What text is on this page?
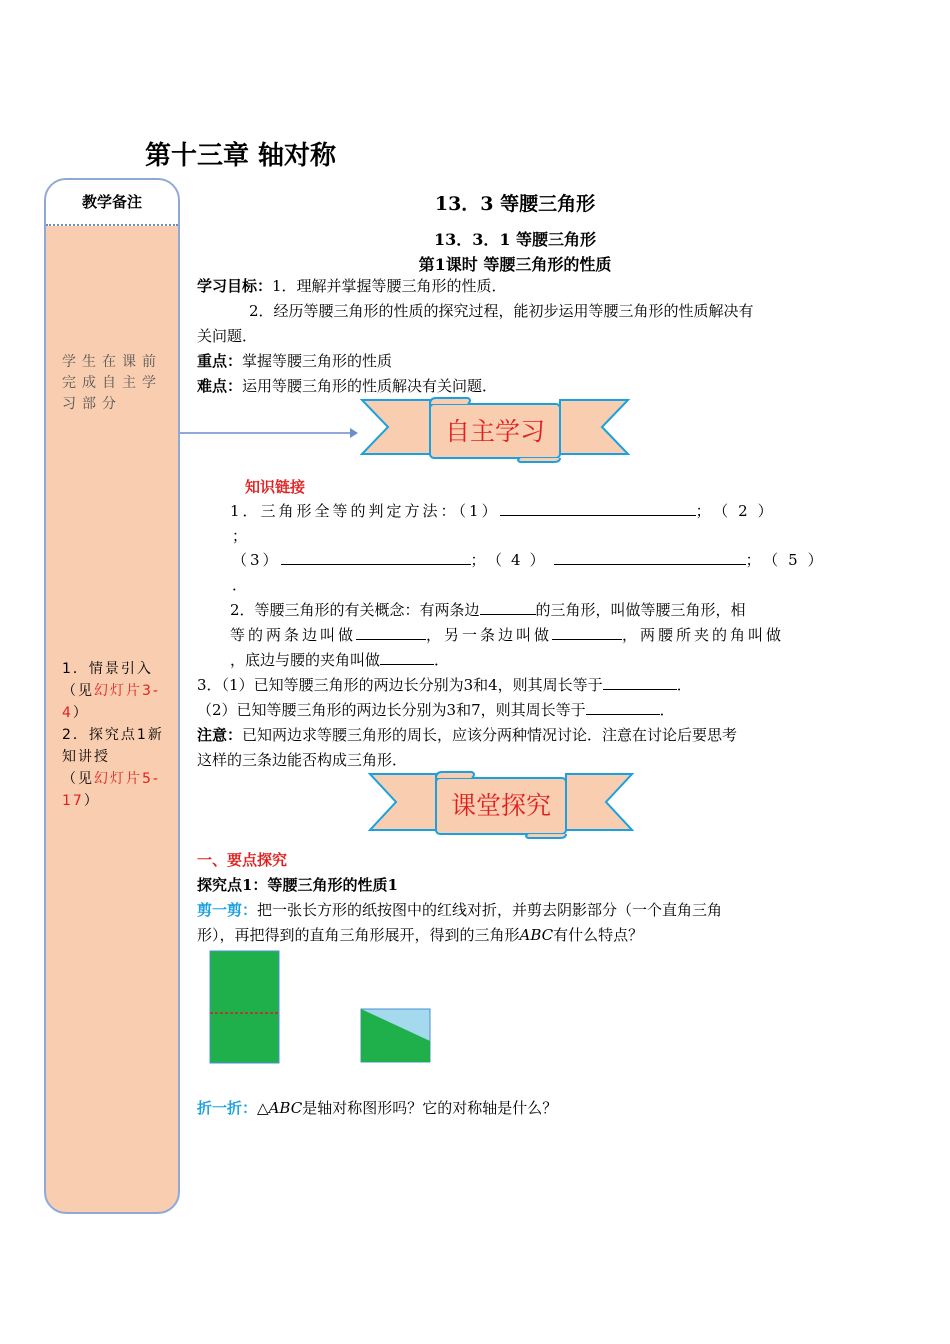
第十三章 轴对称
教学备注
学生在课前完成自主学习部分
1．情景引入
（见幻灯片3-4）
2．探究点1新知讲授
（见幻灯片5-17）
13．3 等腰三角形
13．3．1 等腰三角形
第1课时 等腰三角形的性质
学习目标：1．理解并掌握等腰三角形的性质．
2．经历等腰三角形的性质的探究过程，能初步运用等腰三角形的性质解决有
关问题．
重点：掌握等腰三角形的性质
难点：运用等腰三角形的性质解决有关问题．
自主学习
知识链接
1．三角形全等的判定方法：（1）	；（2）
；
（3）	；（4）	；（5）
．
2．等腰三角形的有关概念：有两条边	的三角形，叫做等腰三角形，相
等的两条边叫做	，另一条边叫做	，两腰所夹的角叫做
，底边与腰的夹角叫做	．
3．（1）已知等腰三角形的两边长分别为3和4，则其周长等于	．
（2）已知等腰三角形的两边长分别为3和7，则其周长等于	．
注意：已知两边求等腰三角形的周长，应该分两种情况讨论．注意在讨论后要思考
这样的三条边能否构成三角形．
课堂探究
一、要点探究
探究点1：等腰三角形的性质1
剪一剪：把一张长方形的纸按图中的红线对折，并剪去阴影部分（一个直角三角
形），再把得到的直角三角形展开，得到的三角形ABC有什么特点？
折一折：△ABC是轴对称图形吗？它的对称轴是什么？
